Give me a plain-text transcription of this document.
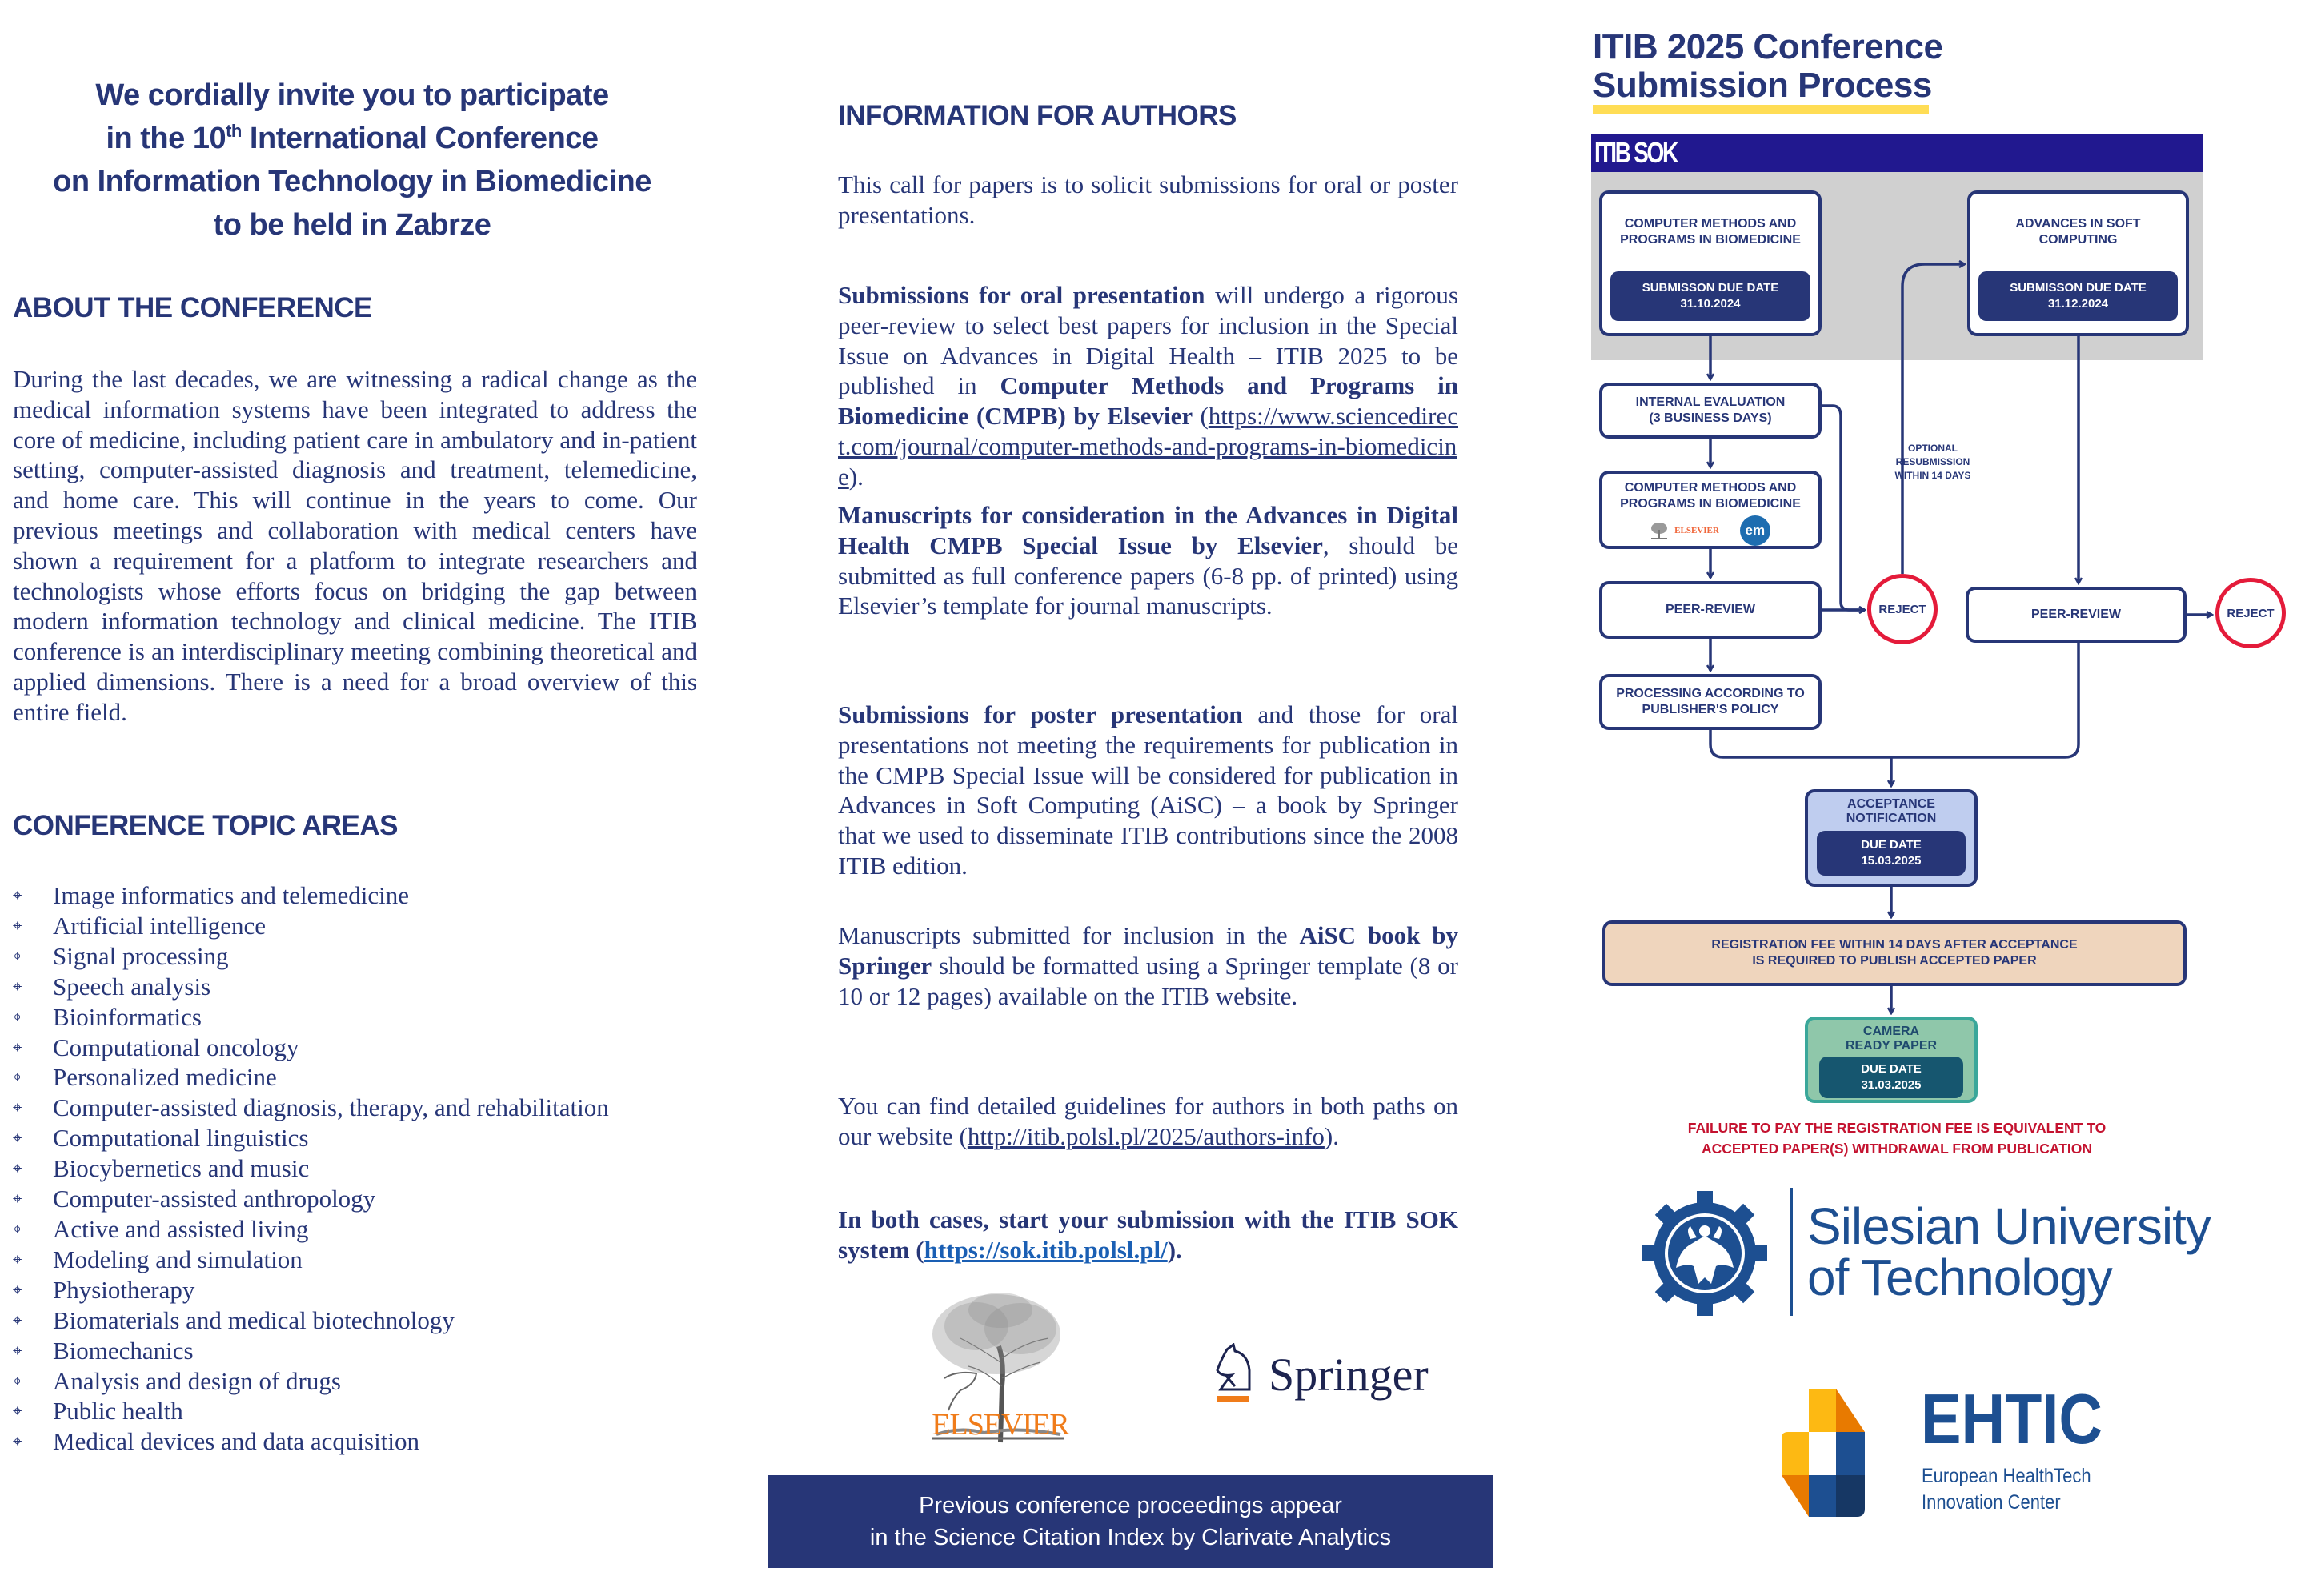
We cordially invite you to participate
in the 10th International Conference
on Information Technology in Biomedicine
to be held in Zabrze
ABOUT THE CONFERENCE
During the last decades, we are witnessing a radical change as the medical information systems have been integrated to address the core of medicine, including patient care in ambulatory and in-patient setting, computer-assisted diagnosis and treatment, telemedicine, and home care. This will continue in the years to come. Our previous meetings and collaboration with medical centers have shown a requirement for a platform to integrate researchers and technologists whose efforts focus on bridging the gap between modern information technology and clinical medicine. The ITIB conference is an interdisciplinary meeting combining theoretical and applied dimensions. There is a need for a broad overview of this entire field.
CONFERENCE TOPIC AREAS
⌖	Image informatics and telemedicine
⌖	Artificial intelligence
⌖	Signal processing
⌖	Speech analysis
⌖	Bioinformatics
⌖	Computational oncology
⌖	Personalized medicine
⌖	Computer-assisted diagnosis, therapy, and rehabilitation
⌖	Computational linguistics
⌖	Biocybernetics and music
⌖	Computer-assisted anthropology
⌖	Active and assisted living
⌖	Modeling and simulation
⌖	Physiotherapy
⌖	Biomaterials and medical biotechnology
⌖	Biomechanics
⌖	Analysis and design of drugs
⌖	Public health
⌖	Medical devices and data acquisition
INFORMATION FOR AUTHORS

This call for papers is to solicit submissions for oral or poster presentations.

Submissions for oral presentation will undergo a rigorous peer-review to select best papers for inclusion in the Special Issue on Advances in Digital Health – ITIB 2025 to be published in Computer Methods and Programs in Biomedicine (CMPB) by Elsevier (https://www.sciencedirect.com/journal/computer-methods-and-programs-in-biomedicine).

Manuscripts for consideration in the Advances in Digital Health CMPB Special Issue by Elsevier, should be submitted as full conference papers (6-8 pp. of printed) using Elsevier’s template for journal manuscripts.

Submissions for poster presentation and those for oral presentations not meeting the requirements for publication in the CMPB Special Issue will be considered for publication in Advances in Soft Computing (AiSC) – a book by Springer that we used to disseminate ITIB contributions since the 2008 ITIB edition.

Manuscripts submitted for inclusion in the AiSC book by Springer should be formatted using a Springer template (8 or 10 or 12 pages) available on the ITIB website.

You can find detailed guidelines for authors in both paths on our website (http://itib.polsl.pl/2025/authors-info).

In both cases, start your submission with the ITIB SOK system (https://sok.itib.polsl.pl/).

ELSEVIER
Springer
Previous conference proceedings appear
in the Science Citation Index by Clarivate Analytics
ITIB 2025 Conference
Submission Process
ITIB SOK
COMPUTER METHODS AND PROGRAMS IN BIOMEDICINE
SUBMISSON DUE DATE
31.10.2024
ADVANCES IN SOFT COMPUTING
SUBMISSON DUE DATE
31.12.2024
INTERNAL EVALUATION (3 BUSINESS DAYS)
COMPUTER METHODS AND PROGRAMS IN BIOMEDICINE
ELSEVIER	em
PEER-REVIEW	REJECT
OPTIONAL RESUBMISSION WITHIN 14 DAYS
PEER-REVIEW	REJECT
PROCESSING ACCORDING TO PUBLISHER'S POLICY
ACCEPTANCE NOTIFICATION
DUE DATE
15.03.2025
REGISTRATION FEE WITHIN 14 DAYS AFTER ACCEPTANCE
IS REQUIRED TO PUBLISH ACCEPTED PAPER
CAMERA READY PAPER
DUE DATE
31.03.2025
FAILURE TO PAY THE REGISTRATION FEE IS EQUIVALENT TO
ACCEPTED PAPER(S) WITHDRAWAL FROM PUBLICATION
Silesian University
of Technology
EHTIC
European HealthTech
Innovation Center
